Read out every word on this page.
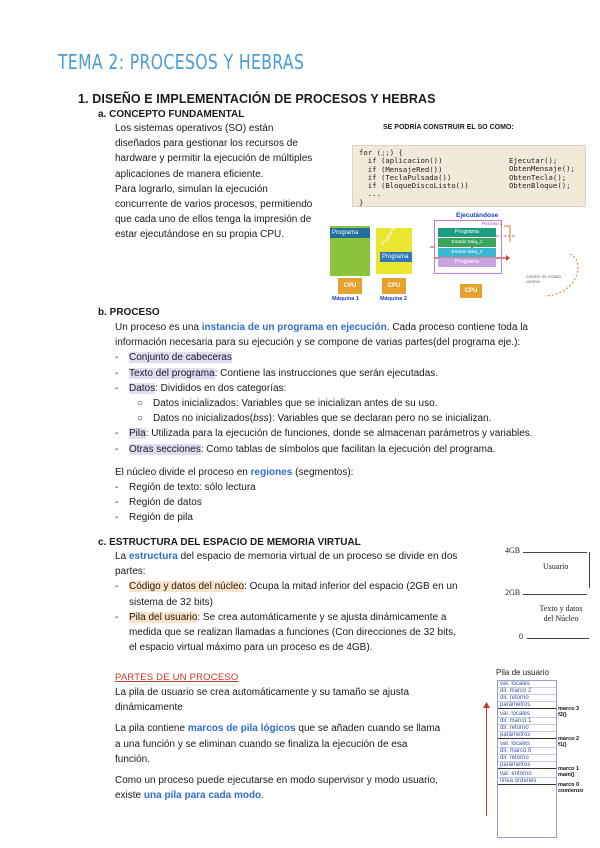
TEMA 2: PROCESOS Y HEBRAS
1. DISEÑO E IMPLEMENTACIÓN DE PROCESOS Y HEBRAS
a. CONCEPTO FUNDAMENTAL
Los sistemas operativos (SO) están
diseñados para gestionar los recursos de
hardware y permitir la ejecución de múltiples
aplicaciones de manera eficiente.
Para lograrlo, simulan la ejecución
concurrente de varios procesos, permitiendo
que cada uno de ellos tenga la impresión de
estar ejecutándose en su propia CPU.
SE PODRÍA CONSTRUIR EL SO COMO:
for (;;) {
if (aplicacion())
if (MensajeRed())
if (TeclaPulsada())
if (BloqueDiscoListo())
...
}
Ejecutar();
ObtenMensaje();
ObtenTecla();
ObtenBloque();
Programa
CPU
Máquina 1
Programa
Programa
CPU
Máquina 2
Ejecutándose
Proceso 1
Programa
Estado Máq_1
Estado Máq_2
Programa
CPU
Cambio de estado cambia
b. PROCESO
Un proceso es una instancia de un programa en ejecución. Cada proceso contiene toda la
información necesaria para su ejecución y se compone de varias partes(del programa eje.):
- Conjunto de cabeceras
- Texto del programa: Contiene las instrucciones que serán ejecutadas.
- Datos: Divididos en dos categorías:
○ Datos inicializados: Variables que se inicializan antes de su uso.
○ Datos no inicializados(bss): Variables que se declaran pero no se inicializan.
- Pila: Utilizada para la ejecución de funciones, donde se almacenan parámetros y variables.
- Otras secciones: Como tablas de símbolos que facilitan la ejecución del programa.
El núcleo divide el proceso en regiones (segmentos):
- Región de texto: sólo lectura
- Región de datos
- Región de pila
c. ESTRUCTURA DEL ESPACIO DE MEMORIA VIRTUAL
La estructura del espacio de memoria virtual de un proceso se divide en dos
partes:
- Código y datos del núcleo: Ocupa la mitad inferior del espacio (2GB en un
sistema de 32 bits)
- Pila del usuario: Se crea automáticamente y se ajusta dinámicamente a
medida que se realizan llamadas a funciones (Con direcciones de 32 bits,
el espacio virtual máximo para un proceso es de 4GB).
4GB
Usuario
2GB
Texto y datos
del Núcleo
0
PARTES DE UN PROCESO
La pila de usuario se crea automáticamente y su tamaño se ajusta
dinámicamente
La pila contiene marcos de pila lógicos que se añaden cuando se llama
a una función y se eliminan cuando se finaliza la ejecución de esa
función.
Como un proceso puede ejecutarse en modo supervisor y modo usuario,
existe una pila para cada modo.
Pila de usuario
var. locales
dir. marco 2
dir. retorno
parámetros
var. locales
dir. marco 1
dir. retorno
parámetros
var. locales
dir. marco 0
dir. retorno
parámetros
var. entorno
línea órdenes
marco 3
f2()
marco 2
f1()
marco 1
main()
marco 0
comienzo
